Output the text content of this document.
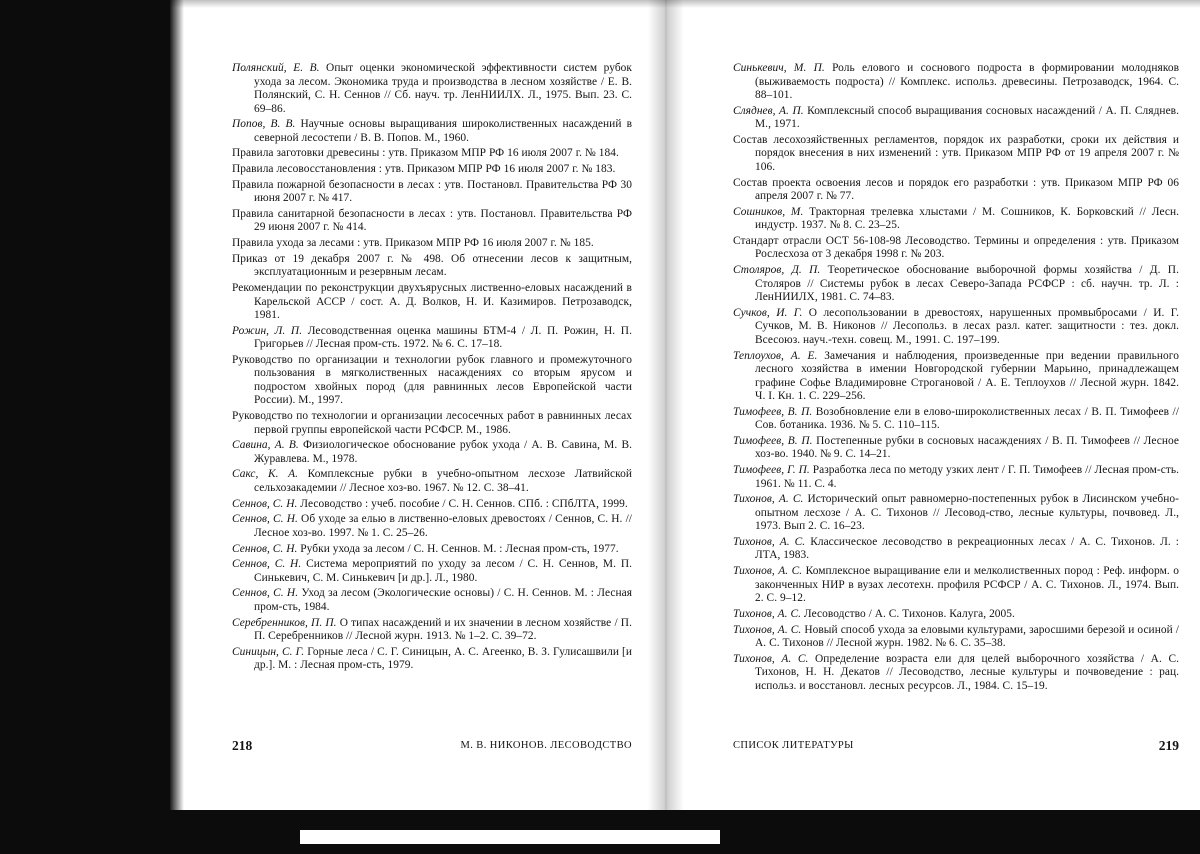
Полянский, Е. В. Опыт оценки экономической эффективности систем рубок ухода за лесом. Экономика труда и производства в лесном хозяйстве / Е. В. Полянский, С. Н. Сеннов // Сб. науч. тр. ЛенНИИЛХ. Л., 1975. Вып. 23. С. 69–86.

Попов, В. В. Научные основы выращивания широколиственных насаждений в северной лесостепи / В. В. Попов. М., 1960.

Правила заготовки древесины : утв. Приказом МПР РФ 16 июля 2007 г. № 184.

Правила лесовосстановления : утв. Приказом МПР РФ 16 июля 2007 г. № 183.

Правила пожарной безопасности в лесах : утв. Постановл. Правительства РФ 30 июня 2007 г. № 417.

Правила санитарной безопасности в лесах : утв. Постановл. Правительства РФ 29 июня 2007 г. № 414.

Правила ухода за лесами : утв. Приказом МПР РФ 16 июля 2007 г. № 185.

Приказ от 19 декабря 2007 г. № 498. Об отнесении лесов к защитным, эксплуатационным и резервным лесам.

Рекомендации по реконструкции двухъярусных лиственно-еловых насаждений в Карельской АССР / сост. А. Д. Волков, Н. И. Казимиров. Петрозаводск, 1981.

Рожин, Л. П. Лесоводственная оценка машины БТМ-4 / Л. П. Рожин, Н. П. Григорьев // Лесная пром-сть. 1972. № 6. С. 17–18.

Руководство по организации и технологии рубок главного и промежуточного пользования в мягколиственных насаждениях со вторым ярусом и подростом хвойных пород (для равнинных лесов Европейской части России). М., 1997.

Руководство по технологии и организации лесосечных работ в равнинных лесах первой группы европейской части РСФСР. М., 1986.

Савина, А. В. Физиологическое обоснование рубок ухода / А. В. Савина, М. В. Журавлева. М., 1978.

Сакс, К. А. Комплексные рубки в учебно-опытном лесхозе Латвийской сельхозакадемии // Лесное хоз-во. 1967. № 12. С. 38–41.

Сеннов, С. Н. Лесоводство : учеб. пособие / С. Н. Сеннов. СПб. : СПбЛТА, 1999.

Сеннов, С. Н. Об уходе за елью в лиственно-еловых древостоях / Сеннов, С. Н. // Лесное хоз-во. 1997. № 1. С. 25–26.

Сеннов, С. Н. Рубки ухода за лесом / С. Н. Сеннов. М. : Лесная пром-сть, 1977.

Сеннов, С. Н. Система мероприятий по уходу за лесом / С. Н. Сеннов, М. П. Синькевич, С. М. Синькевич [и др.]. Л., 1980.

Сеннов, С. Н. Уход за лесом (Экологические основы) / С. Н. Сеннов. М. : Лесная пром-сть, 1984.

Серебренников, П. П. О типах насаждений и их значении в лесном хозяйстве / П. П. Серебренников // Лесной журн. 1913. № 1–2. С. 39–72.

Синицын, С. Г. Горные леса / С. Г. Синицын, А. С. Агеенко, В. З. Гулисашвили [и др.]. М. : Лесная пром-сть, 1979.

Синькевич, М. П. Роль елового и соснового подроста в формировании молодняков (выживаемость подроста) // Комплекс. использ. древесины. Петрозаводск, 1964. С. 88–101.

Сляднев, А. П. Комплексный способ выращивания сосновых насаждений / А. П. Сляднев. М., 1971.

Состав лесохозяйственных регламентов, порядок их разработки, сроки их действия и порядок внесения в них изменений : утв. Приказом МПР РФ от 19 апреля 2007 г. № 106.

Состав проекта освоения лесов и порядок его разработки : утв. Приказом МПР РФ 06 апреля 2007 г. № 77.

Сошников, М. Тракторная трелевка хлыстами / М. Сошников, К. Борковский // Лесн. индустр. 1937. № 8. С. 23–25.

Стандарт отрасли ОСТ 56-108-98 Лесоводство. Термины и определения : утв. Приказом Рослесхоза от 3 декабря 1998 г. № 203.

Столяров, Д. П. Теоретическое обоснование выборочной формы хозяйства / Д. П. Столяров // Системы рубок в лесах Северо-Запада РСФСР : сб. научн. тр. Л. : ЛенНИИЛХ, 1981. С. 74–83.

Сучков, И. Г. О лесопользовании в древостоях, нарушенных промвыбросами / И. Г. Сучков, М. В. Никонов // Лесопольз. в лесах разл. катег. защитности : тез. докл. Всесоюз. науч.-техн. совещ. М., 1991. С. 197–199.

Теплоухов, А. Е. Замечания и наблюдения, произведенные при ведении правильного лесного хозяйства в имении Новгородской губернии Марьино, принадлежащем графине Софье Владимировне Строгановой / А. Е. Теплоухов // Лесной журн. 1842. Ч. I. Кн. 1. С. 229–256.

Тимофеев, В. П. Возобновление ели в елово-широколиственных лесах / В. П. Тимофеев // Сов. ботаника. 1936. № 5. С. 110–115.

Тимофеев, В. П. Постепенные рубки в сосновых насаждениях / В. П. Тимофеев // Лесное хоз-во. 1940. № 9. С. 14–21.

Тимофеев, Г. П. Разработка леса по методу узких лент / Г. П. Тимофеев // Лесная пром-сть. 1961. № 11. С. 4.

Тихонов, А. С. Исторический опыт равномерно-постепенных рубок в Лисинском учебно-опытном лесхозе / А. С. Тихонов // Лесовод-ство, лесные культуры, почвовед. Л., 1973. Вып 2. С. 16–23.

Тихонов, А. С. Классическое лесоводство в рекреационных лесах / А. С. Тихонов. Л. : ЛТА, 1983.

Тихонов, А. С. Комплексное выращивание ели и мелколиственных пород : Реф. информ. о законченных НИР в вузах лесотехн. профиля РСФСР / А. С. Тихонов. Л., 1974. Вып. 2. С. 9–12.

Тихонов, А. С. Лесоводство / А. С. Тихонов. Калуга, 2005.

Тихонов, А. С. Новый способ ухода за еловыми культурами, заросшими березой и осиной / А. С. Тихонов // Лесной журн. 1982. № 6. С. 35–38.

Тихонов, А. С. Определение возраста ели для целей выборочного хозяйства / А. С. Тихонов, Н. Н. Декатов // Лесоводство, лесные культуры и почвоведение : рац. использ. и восстановл. лесных ресурсов. Л., 1984. С. 15–19.

218	М. В. НИКОНОВ. ЛЕСОВОДСТВО	СПИСОК ЛИТЕРАТУРЫ	219
